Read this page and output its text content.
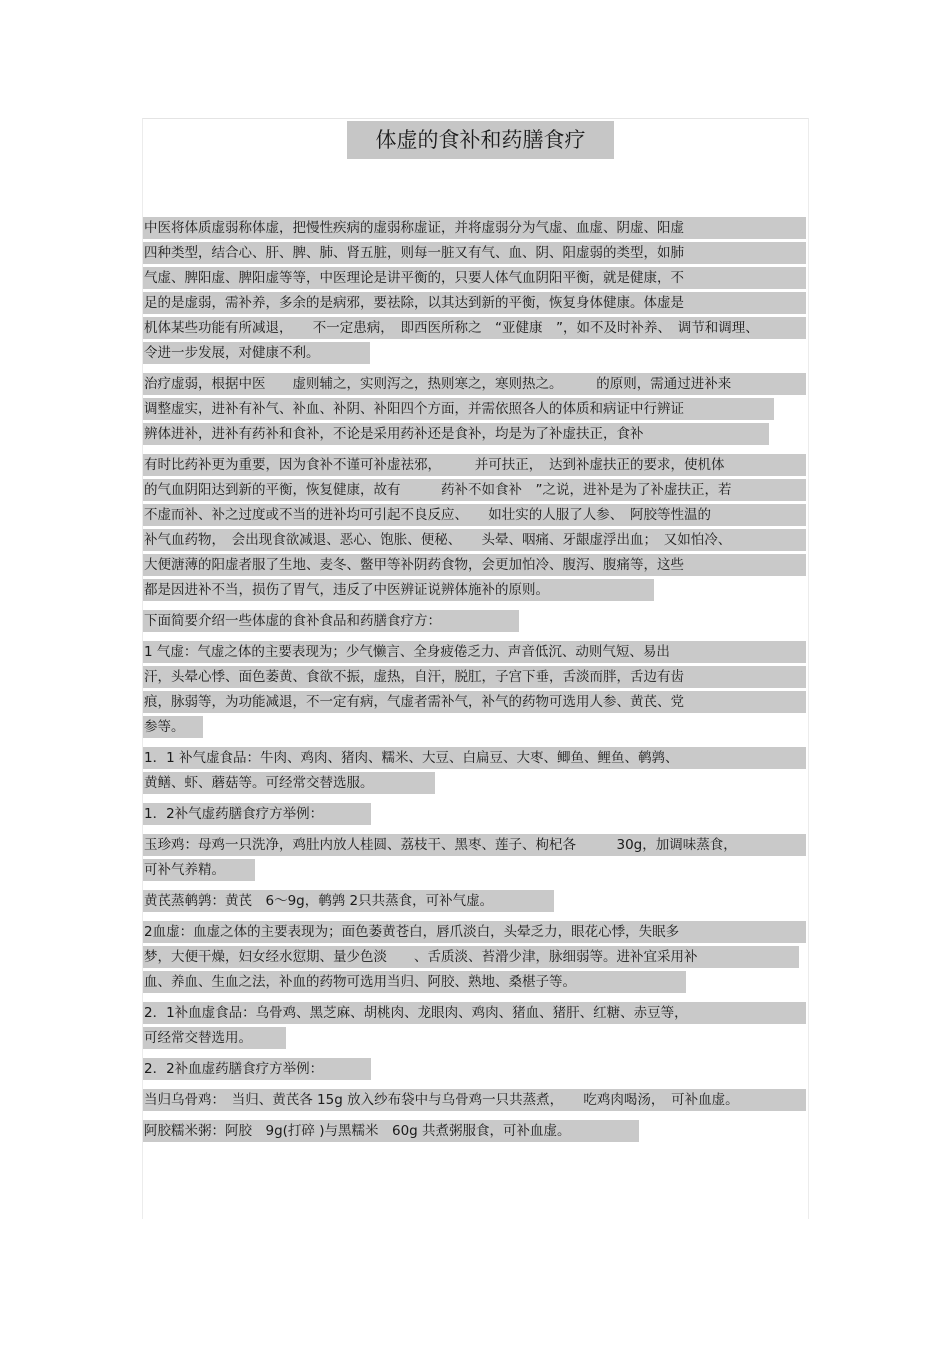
体虚的食补和药膳食疗
中医将体质虚弱称体虚，把慢性疾病的虚弱称虚证，并将虚弱分为气虚、血虚、阴虚、阳虚
四种类型，结合心、肝、脾、肺、肾五脏，则每一脏又有气、血、阴、阳虚弱的类型，如肺
气虚、脾阳虚、脾阳虚等等，中医理论是讲平衡的，只要人体气血阴阳平衡，就是健康，不
足的是虚弱，需补养，多余的是病邪，要祛除，以其达到新的平衡，恢复身体健康。体虚是
机体某些功能有所减退，　　不一定患病，　即西医所称之　“亚健康　”，如不及时补养、　调节和调理、
令进一步发展，对健康不利。
治疗虚弱，根据中医　　虚则辅之，实则泻之，热则寒之，寒则热之。　　　的原则，需通过进补来
调整虚实，进补有补气、补血、补阴、补阳四个方面，并需依照各人的体质和病证中行辨证
辨体进补，进补有药补和食补，不论是采用药补还是食补，均是为了补虚扶正，食补
有时比药补更为重要，因为食补不谨可补虚祛邪，　　　并可扶正，　达到补虚扶正的要求，使机体
的气血阴阳达到新的平衡，恢复健康，故有　　　药补不如食补　”之说，进补是为了补虚扶正，若
不虚而补、补之过度或不当的进补均可引起不良反应、　　如壮实的人服了人参、　阿胶等性温的
补气血药物，　会出现食欲减退、恶心、饱胀、便秘、　　头晕、咽痛、牙龈虚浮出血；　又如怕冷、
大便溏薄的阳虚者服了生地、麦冬、鳖甲等补阴药食物，会更加怕冷、腹泻、腹痛等，这些
都是因进补不当，损伤了胃气，违反了中医辨证说辨体施补的原则。
下面简要介绍一些体虚的食补食品和药膳食疗方：
1 气虚：气虚之体的主要表现为；少气懒言、全身疲倦乏力、声音低沉、动则气短、易出
汗，头晕心悸、面色萎黄、食欲不振，虚热，自汗，脱肛，子宫下垂，舌淡而胖，舌边有齿
痕，脉弱等，为功能减退，不一定有病，气虚者需补气，补气的药物可选用人参、黄芪、党
参等。
1．1 补气虚食品：牛肉、鸡肉、猪肉、糯米、大豆、白扁豆、大枣、鲫鱼、鲤鱼、鹌鹑、
黄鳝、虾、蘑菇等。可经常交替选服。
1．2补气虚药膳食疗方举例：
玉珍鸡：母鸡一只洗净，鸡肚内放人桂圆、荔枝干、黑枣、莲子、枸杞各　　　30g，加调味蒸食，
可补气养精。
黄芪蒸鹌鹑：黄芪　6～9g，鹌鹑 2只共蒸食，可补气虚。
2血虚：血虚之体的主要表现为；面色萎黄苍白，唇爪淡白，头晕乏力，眼花心悸，失眠多
梦，大便干燥，妇女经水愆期、量少色淡　　、舌质淡、苔滑少津，脉细弱等。进补宜采用补
血、养血、生血之法，补血的药物可选用当归、阿胶、熟地、桑椹子等。
2．1补血虚食品：乌骨鸡、黑芝麻、胡桃肉、龙眼肉、鸡肉、猪血、猪肝、红糖、赤豆等，
可经常交替选用。
2．2补血虚药膳食疗方举例：
当归乌骨鸡：　当归、黄芪各 15g 放入纱布袋中与乌骨鸡一只共蒸煮，　　吃鸡肉喝汤，　可补血虚。
阿胶糯米粥：阿胶　9g(打碎 )与黑糯米　60g 共煮粥服食，可补血虚。
